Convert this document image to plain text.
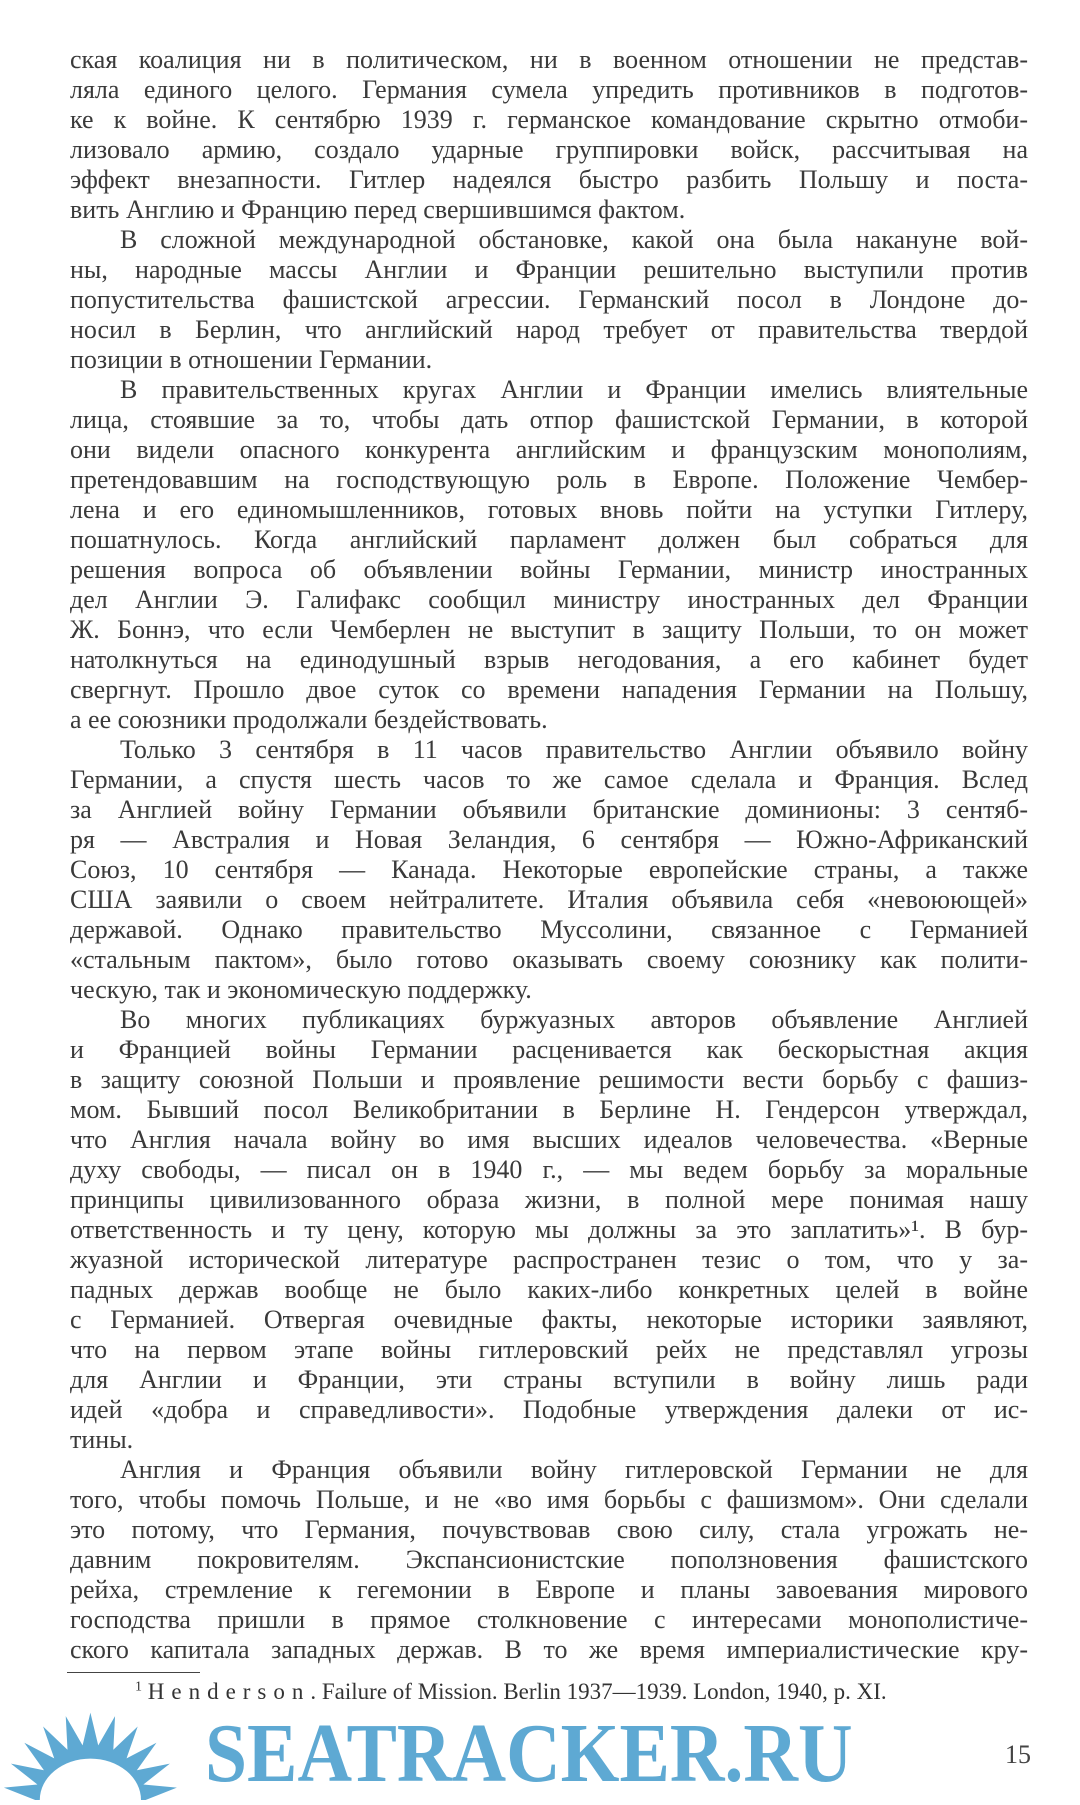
ская коалиция ни в политическом, ни в военном отношении не представ-
ляла единого целого. Германия сумела упредить противников в подготов-
ке к войне. К сентябрю 1939 г. германское командование скрытно отмоби-
лизовало армию, создало ударные группировки войск, рассчитывая на
эффект внезапности. Гитлер надеялся быстро разбить Польшу и поста-
вить Англию и Францию перед свершившимся фактом.
В сложной международной обстановке, какой она была накануне вой-
ны, народные массы Англии и Франции решительно выступили против
попустительства фашистской агрессии. Германский посол в Лондоне до-
носил в Берлин, что английский народ требует от правительства твердой
позиции в отношении Германии.
В правительственных кругах Англии и Франции имелись влиятельные
лица, стоявшие за то, чтобы дать отпор фашистской Германии, в которой
они видели опасного конкурента английским и французским монополиям,
претендовавшим на господствующую роль в Европе. Положение Чембер-
лена и его единомышленников, готовых вновь пойти на уступки Гитлеру,
пошатнулось. Когда английский парламент должен был собраться для
решения вопроса об объявлении войны Германии, министр иностранных
дел Англии Э. Галифакс сообщил министру иностранных дел Франции
Ж. Боннэ, что если Чемберлен не выступит в защиту Польши, то он может
натолкнуться на единодушный взрыв негодования, а его кабинет будет
свергнут. Прошло двое суток со времени нападения Германии на Польшу,
а ее союзники продолжали бездействовать.
Только 3 сентября в 11 часов правительство Англии объявило войну
Германии, а спустя шесть часов то же самое сделала и Франция. Вслед
за Англией войну Германии объявили британские доминионы: 3 сентяб-
ря — Австралия и Новая Зеландия, 6 сентября — Южно-Африканский
Союз, 10 сентября — Канада. Некоторые европейские страны, а также
США заявили о своем нейтралитете. Италия объявила себя «невоюющей»
державой. Однако правительство Муссолини, связанное с Германией
«стальным пактом», было готово оказывать своему союзнику как полити-
ческую, так и экономическую поддержку.
Во многих публикациях буржуазных авторов объявление Англией
и Францией войны Германии расценивается как бескорыстная акция
в защиту союзной Польши и проявление решимости вести борьбу с фашиз-
мом. Бывший посол Великобритании в Берлине Н. Гендерсон утверждал,
что Англия начала войну во имя высших идеалов человечества. «Верные
духу свободы, — писал он в 1940 г., — мы ведем борьбу за моральные
принципы цивилизованного образа жизни, в полной мере понимая нашу
ответственность и ту цену, которую мы должны за это заплатить»¹. В бур-
жуазной исторической литературе распространен тезис о том, что у за-
падных держав вообще не было каких-либо конкретных целей в войне
с Германией. Отвергая очевидные факты, некоторые историки заявляют,
что на первом этапе войны гитлеровский рейх не представлял угрозы
для Англии и Франции, эти страны вступили в войну лишь ради
идей «добра и справедливости». Подобные утверждения далеки от ис-
тины.
Англия и Франция объявили войну гитлеровской Германии не для
того, чтобы помочь Польше, и не «во имя борьбы с фашизмом». Они сделали
это потому, что Германия, почувствовав свою силу, стала угрожать не-
давним покровителям. Экспансионистские поползновения фашистского
рейха, стремление к гегемонии в Европе и планы завоевания мирового
господства пришли в прямое столкновение с интересами монополистиче-
ского капитала западных держав. В то же время империалистические кру-
$^1$ Henderson. Failure of Mission. Berlin 1937—1939. London, 1940, p. XI.
SEATRACKER.RU	15
